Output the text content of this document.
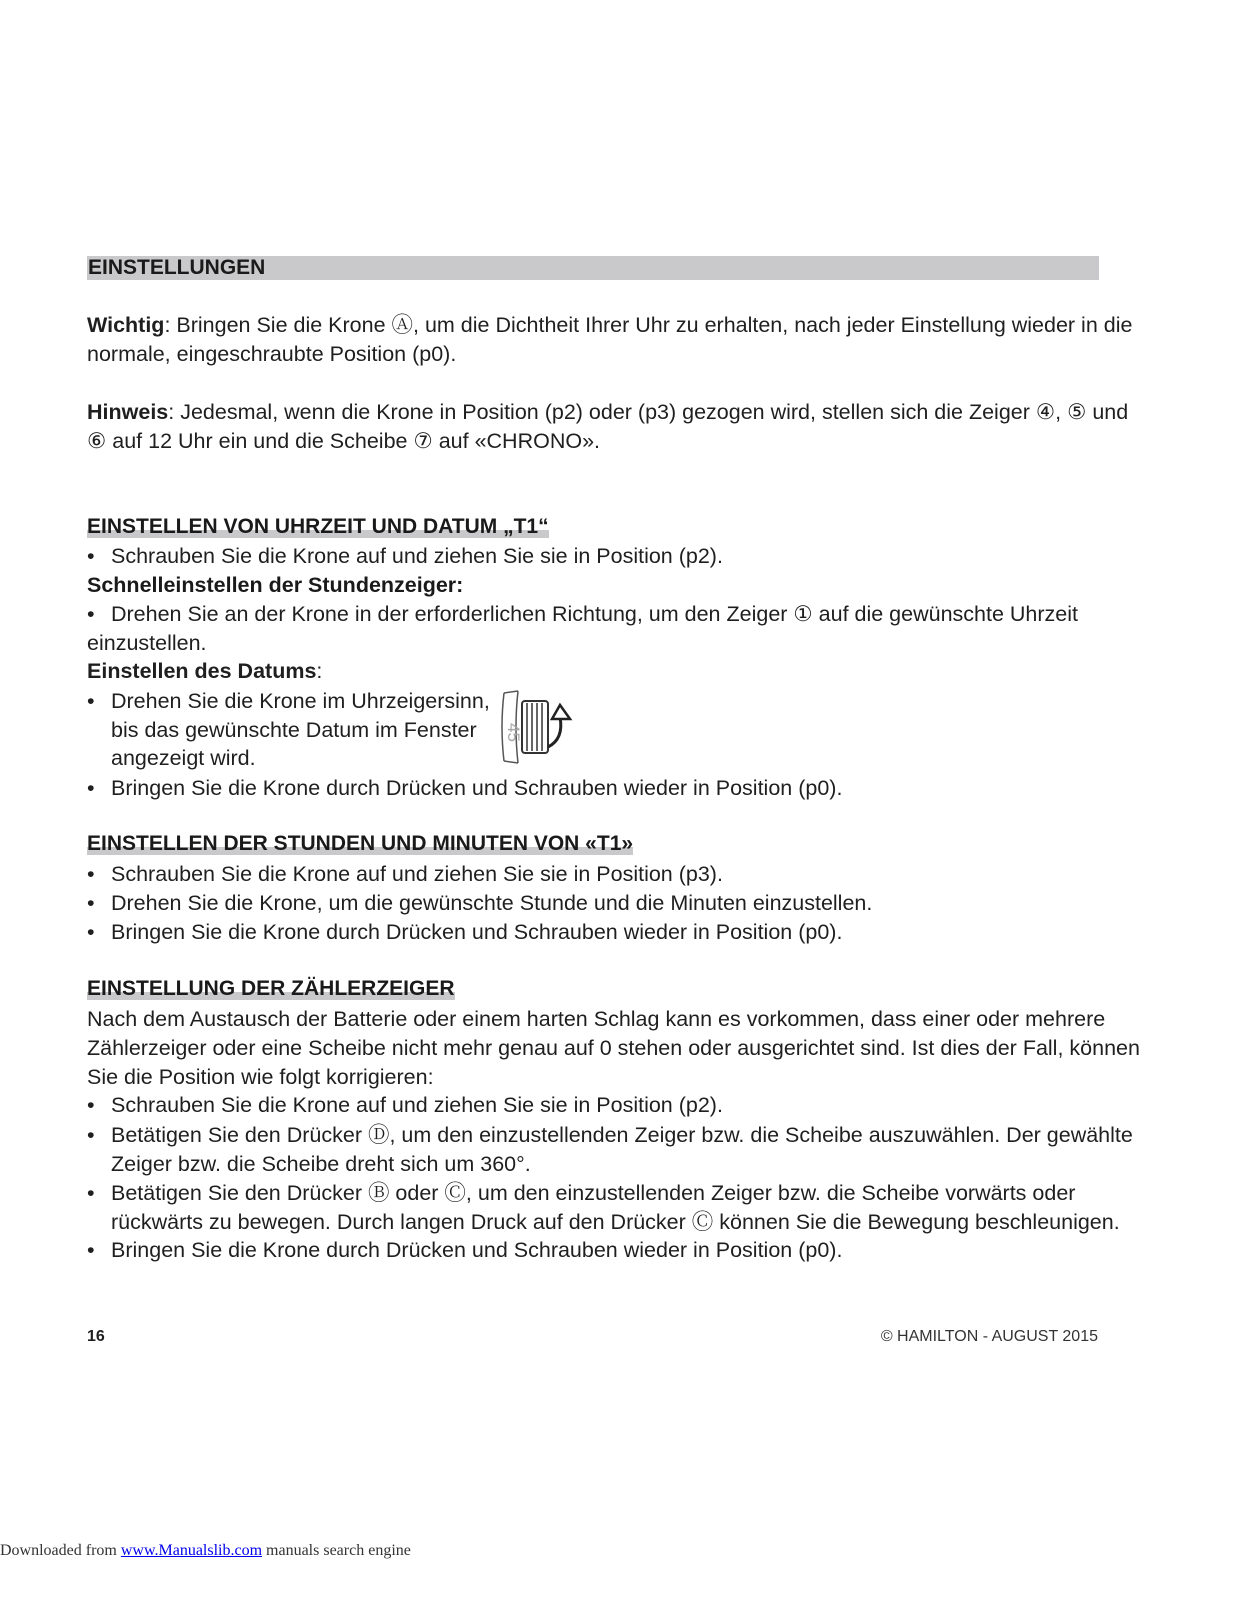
EINSTELLUNGEN
Wichtig: Bringen Sie die Krone Ⓐ, um die Dichtheit Ihrer Uhr zu erhalten, nach jeder Einstellung wieder in die
normale, eingeschraubte Position (p0).
Hinweis: Jedesmal, wenn die Krone in Position (p2) oder (p3) gezogen wird, stellen sich die Zeiger ④, ⑤ und
⑥ auf 12 Uhr ein und die Scheibe ⑦ auf «CHRONO».
EINSTELLEN VON UHRZEIT UND DATUM „T1“
• Schrauben Sie die Krone auf und ziehen Sie sie in Position (p2).
Schnelleinstellen der Stundenzeiger:
• Drehen Sie an der Krone in der erforderlichen Richtung, um den Zeiger ① auf die gewünschte Uhrzeit
einzustellen.
Einstellen des Datums:
• Drehen Sie die Krone im Uhrzeigersinn,
bis das gewünschte Datum im Fenster
angezeigt wird.
45
• Bringen Sie die Krone durch Drücken und Schrauben wieder in Position (p0).
EINSTELLEN DER STUNDEN UND MINUTEN VON «T1»
• Schrauben Sie die Krone auf und ziehen Sie sie in Position (p3).
• Drehen Sie die Krone, um die gewünschte Stunde und die Minuten einzustellen.
• Bringen Sie die Krone durch Drücken und Schrauben wieder in Position (p0).
EINSTELLUNG DER ZÄHLERZEIGER
Nach dem Austausch der Batterie oder einem harten Schlag kann es vorkommen, dass einer oder mehrere
Zählerzeiger oder eine Scheibe nicht mehr genau auf 0 stehen oder ausgerichtet sind. Ist dies der Fall, können
Sie die Position wie folgt korrigieren:
• Schrauben Sie die Krone auf und ziehen Sie sie in Position (p2).
• Betätigen Sie den Drücker Ⓓ, um den einzustellenden Zeiger bzw. die Scheibe auszuwählen. Der gewählte
Zeiger bzw. die Scheibe dreht sich um 360°.
• Betätigen Sie den Drücker Ⓑ oder Ⓒ, um den einzustellenden Zeiger bzw. die Scheibe vorwärts oder
rückwärts zu bewegen. Durch langen Druck auf den Drücker Ⓒ können Sie die Bewegung beschleunigen.
• Bringen Sie die Krone durch Drücken und Schrauben wieder in Position (p0).
16	© HAMILTON - AUGUST 2015
Downloaded from www.Manualslib.com manuals search engine
